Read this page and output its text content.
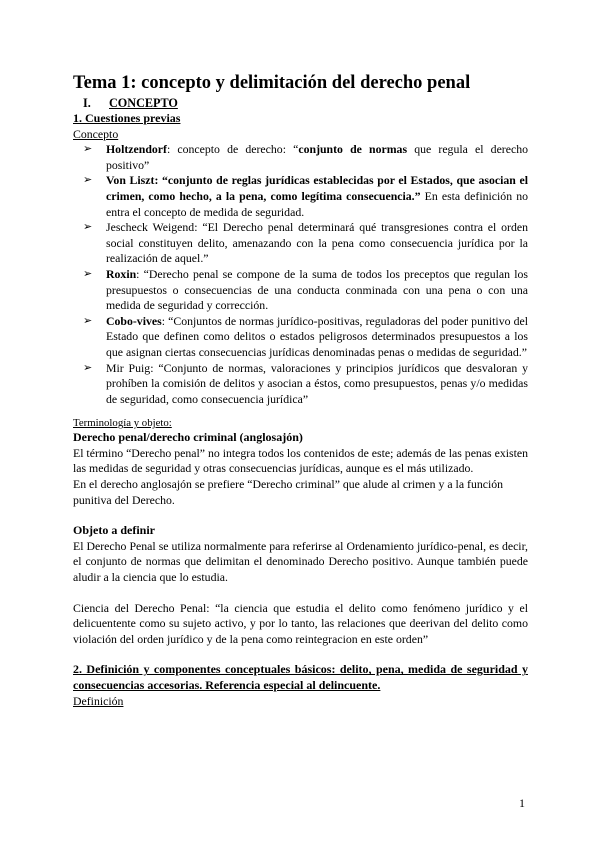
Tema 1: concepto y delimitación del derecho penal
I. CONCEPTO

1. Cuestiones previas

Concepto

➢ Holtzendorf: concepto de derecho: “conjunto de normas que regula el derecho positivo”
➢ Von Liszt: “conjunto de reglas jurídicas establecidas por el Estados, que asocian el crimen, como hecho, a la pena, como legítima consecuencia.” En esta definición no entra el concepto de medida de seguridad.
➢ Jescheck Weigend: “El Derecho penal determinará qué transgresiones contra el orden social constituyen delito, amenazando con la pena como consecuencia jurídica por la realización de aquel.”
➢ Roxin: “Derecho penal se compone de la suma de todos los preceptos que regulan los presupuestos o consecuencias de una conducta conminada con una pena o con una medida de seguridad y corrección.
➢ Cobo-vives: “Conjuntos de normas jurídico-positivas, reguladoras del poder punitivo del Estado que definen como delitos o estados peligrosos determinados presupuestos a los que asignan ciertas consecuencias jurídicas denominadas penas o medidas de seguridad.”
➢ Mir Puig: “Conjunto de normas, valoraciones y principios jurídicos que desvaloran y prohíben la comisión de delitos y asocian a éstos, como presupuestos, penas y/o medidas de seguridad, como consecuencia jurídica”

Terminología y objeto:

Derecho penal/derecho criminal (anglosajón)

El término “Derecho penal” no integra todos los contenidos de este; además de las penas existen las medidas de seguridad y otras consecuencias jurídicas, aunque es el más utilizado.

En el derecho anglosajón se prefiere “Derecho criminal” que alude al crimen y a la función punitiva del Derecho.

Objeto a definir

El Derecho Penal se utiliza normalmente para referirse al Ordenamiento jurídico-penal, es decir, el conjunto de normas que delimitan el denominado Derecho positivo. Aunque también puede aludir a la ciencia que lo estudia.

Ciencia del Derecho Penal: “la ciencia que estudia el delito como fenómeno jurídico y el delicuentente como su sujeto activo, y por lo tanto, las relaciones que deerivan del delito como violación del orden jurídico y de la pena como reintegracion en este orden”

2. Definición y componentes conceptuales básicos: delito, pena, medida de seguridad y consecuencias accesorias. Referencia especial al delincuente.

Definición

1
